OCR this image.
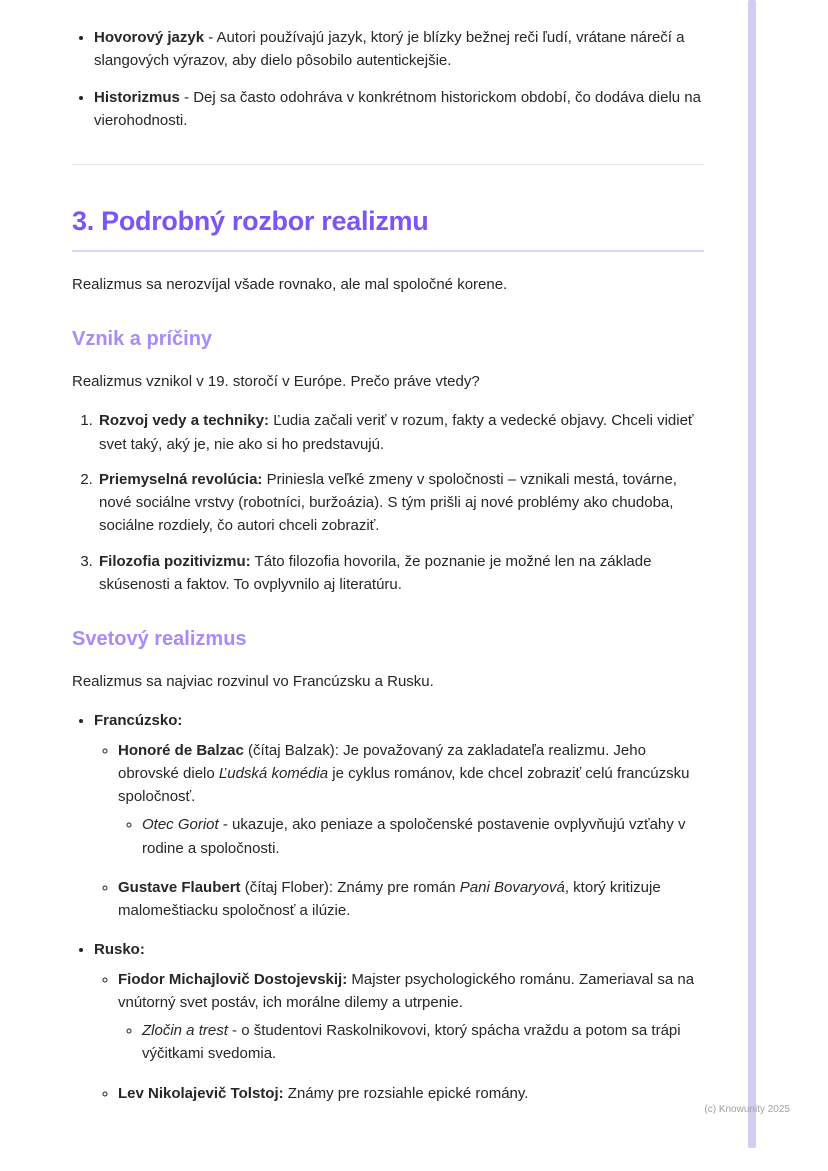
• Hovorový jazyk - Autori používajú jazyk, ktorý je blízky bežnej reči ľudí, vrátane nárečí a slangových výrazov, aby dielo pôsobilo autentickejšie.
• Historizmus - Dej sa často odohráva v konkrétnom historickom období, čo dodáva dielu na vierohodnosti.
3. Podrobný rozbor realizmu

Realizmus sa nerozvíjal všade rovnako, ale mal spoločné korene.

Vznik a príčiny

Realizmus vznikol v 19. storočí v Európe. Prečo práve vtedy?

1. Rozvoj vedy a techniky: Ľudia začali veriť v rozum, fakty a vedecké objavy. Chceli vidieť svet taký, aký je, nie ako si ho predstavujú.
2. Priemyselná revolúcia: Priniesla veľké zmeny v spoločnosti – vznikali mestá, továrne, nové sociálne vrstvy (robotníci, buržoázia). S tým prišli aj nové problémy ako chudoba, sociálne rozdiely, čo autori chceli zobraziť.
3. Filozofia pozitivizmu: Táto filozofia hovorila, že poznanie je možné len na základe skúsenosti a faktov. To ovplyvnilo aj literatúru.
Svetový realizmus

Realizmus sa najviac rozvinul vo Francúzsku a Rusku.

• Francúzsko:
◦ Honoré de Balzac (čítaj Balzak): Je považovaný za zakladateľa realizmu. Jeho obrovské dielo Ľudská komédia je cyklus románov, kde chcel zobraziť celú francúzsku spoločnosť.
◦ Otec Goriot - ukazuje, ako peniaze a spoločenské postavenie ovplyvňujú vzťahy v rodine a spoločnosti.
◦ Gustave Flaubert (čítaj Flober): Známy pre román Pani Bovaryová, ktorý kritizuje malomeštiacku spoločnosť a ilúzie.
• Rusko:
◦ Fiodor Michajlovič Dostojevskij: Majster psychologického románu. Zameriaval sa na vnútorný svet postáv, ich morálne dilemy a utrpenie.
◦ Zločin a trest - o študentovi Raskolnikovovi, ktorý spácha vraždu a potom sa trápi výčitkami svedomia.
◦ Lev Nikolajevič Tolstoj: Známy pre rozsiahle epické romány.
(c) Knowunity 2025
